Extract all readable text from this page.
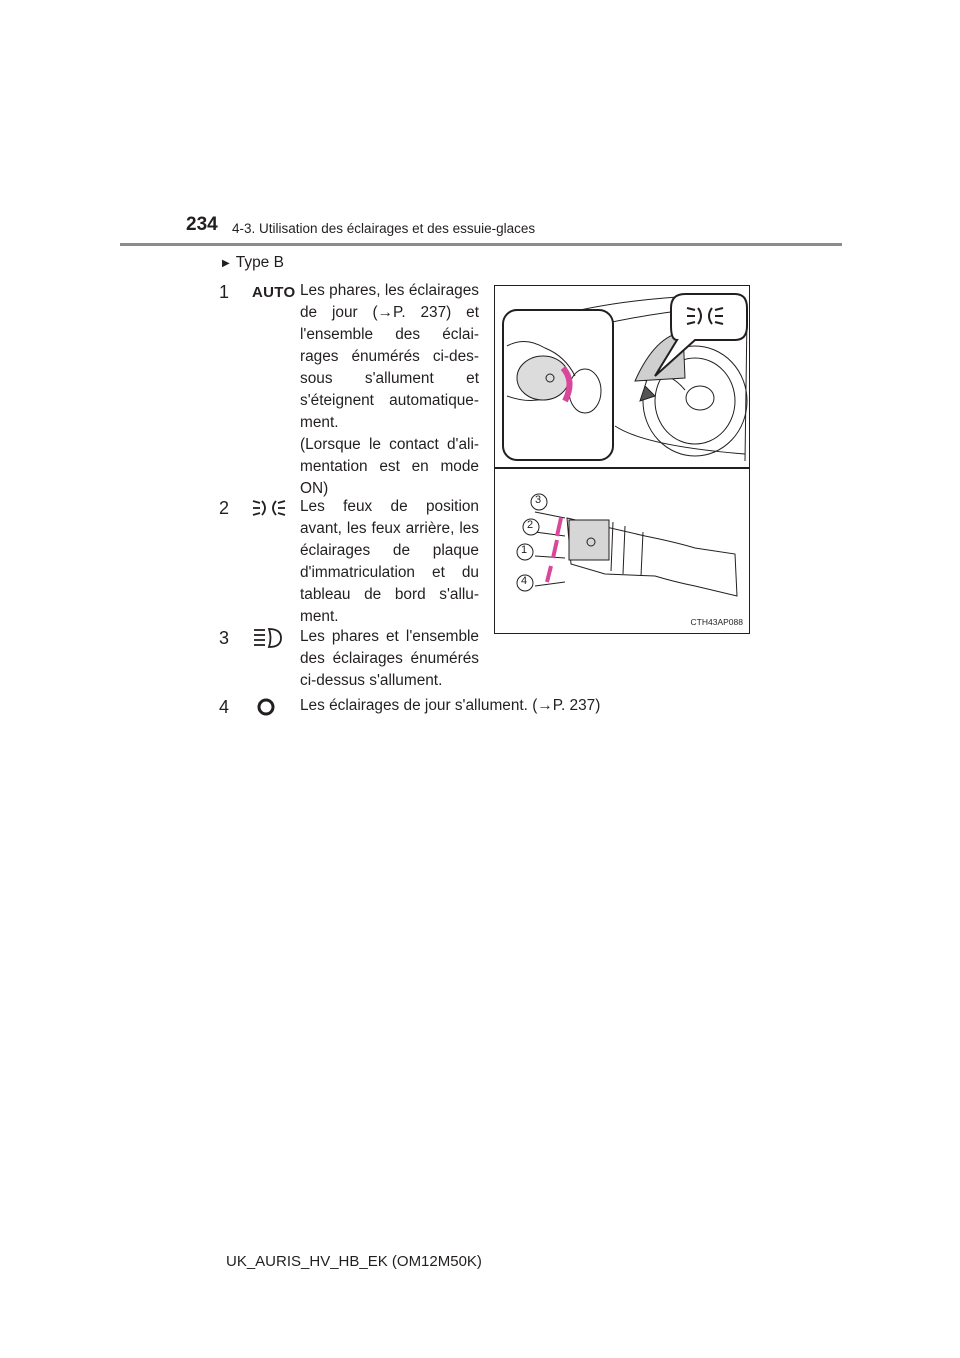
234 4-3. Utilisation des éclairages et des essuie-glaces
▶ Type B
1	AUTO Les phares, les éclairages de jour (→P. 237) et l'ensemble des éclai-rages énumérés ci-des-sous s'allument et s'éteignent automatique-ment.
(Lorsque le contact d'ali-mentation est en mode ON)
2	Les feux de position avant, les feux arrière, les éclairages de plaque d'immatriculation et du tableau de bord s'allu-ment.
3	Les phares et l'ensemble des éclairages énumérés ci-dessus s'allument.
4	Les éclairages de jour s'allument. (→P. 237)
3
2
1
4
CTH43AP088
UK_AURIS_HV_HB_EK (OM12M50K)
